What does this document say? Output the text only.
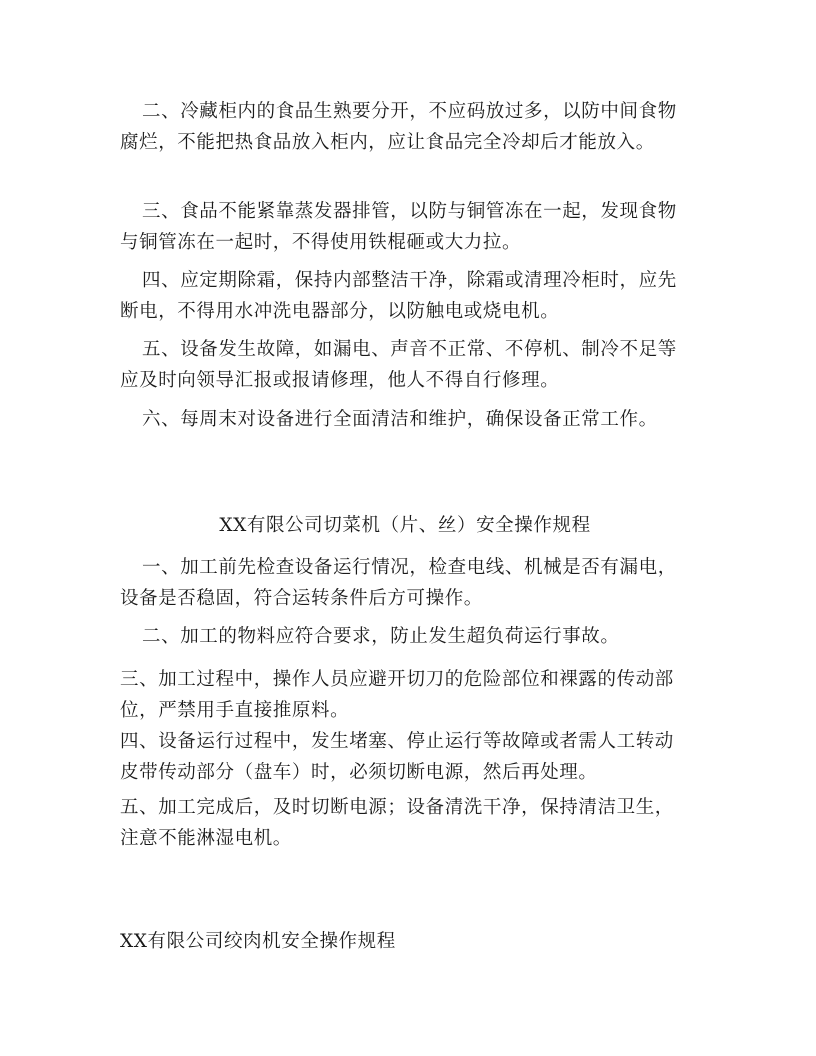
二、冷藏柜内的食品生熟要分开，不应码放过多，以防中间食物腐烂，不能把热食品放入柜内，应让食品完全冷却后才能放入。

三、食品不能紧靠蒸发器排管，以防与铜管冻在一起，发现食物与铜管冻在一起时，不得使用铁棍砸或大力拉。

四、应定期除霜，保持内部整洁干净，除霜或清理冷柜时，应先断电，不得用水冲洗电器部分，以防触电或烧电机。

五、设备发生故障，如漏电、声音不正常、不停机、制冷不足等应及时向领导汇报或报请修理，他人不得自行修理。

六、每周末对设备进行全面清洁和维护，确保设备正常工作。

XX有限公司切菜机（片、丝）安全操作规程

一、加工前先检查设备运行情况，检查电线、机械是否有漏电，设备是否稳固，符合运转条件后方可操作。

二、加工的物料应符合要求，防止发生超负荷运行事故。

三、加工过程中，操作人员应避开切刀的危险部位和裸露的传动部位，严禁用手直接推原料。

四、设备运行过程中，发生堵塞、停止运行等故障或者需人工转动皮带传动部分（盘车）时，必须切断电源，然后再处理。

五、加工完成后，及时切断电源；设备清洗干净，保持清洁卫生，注意不能淋湿电机。

XX有限公司绞肉机安全操作规程
